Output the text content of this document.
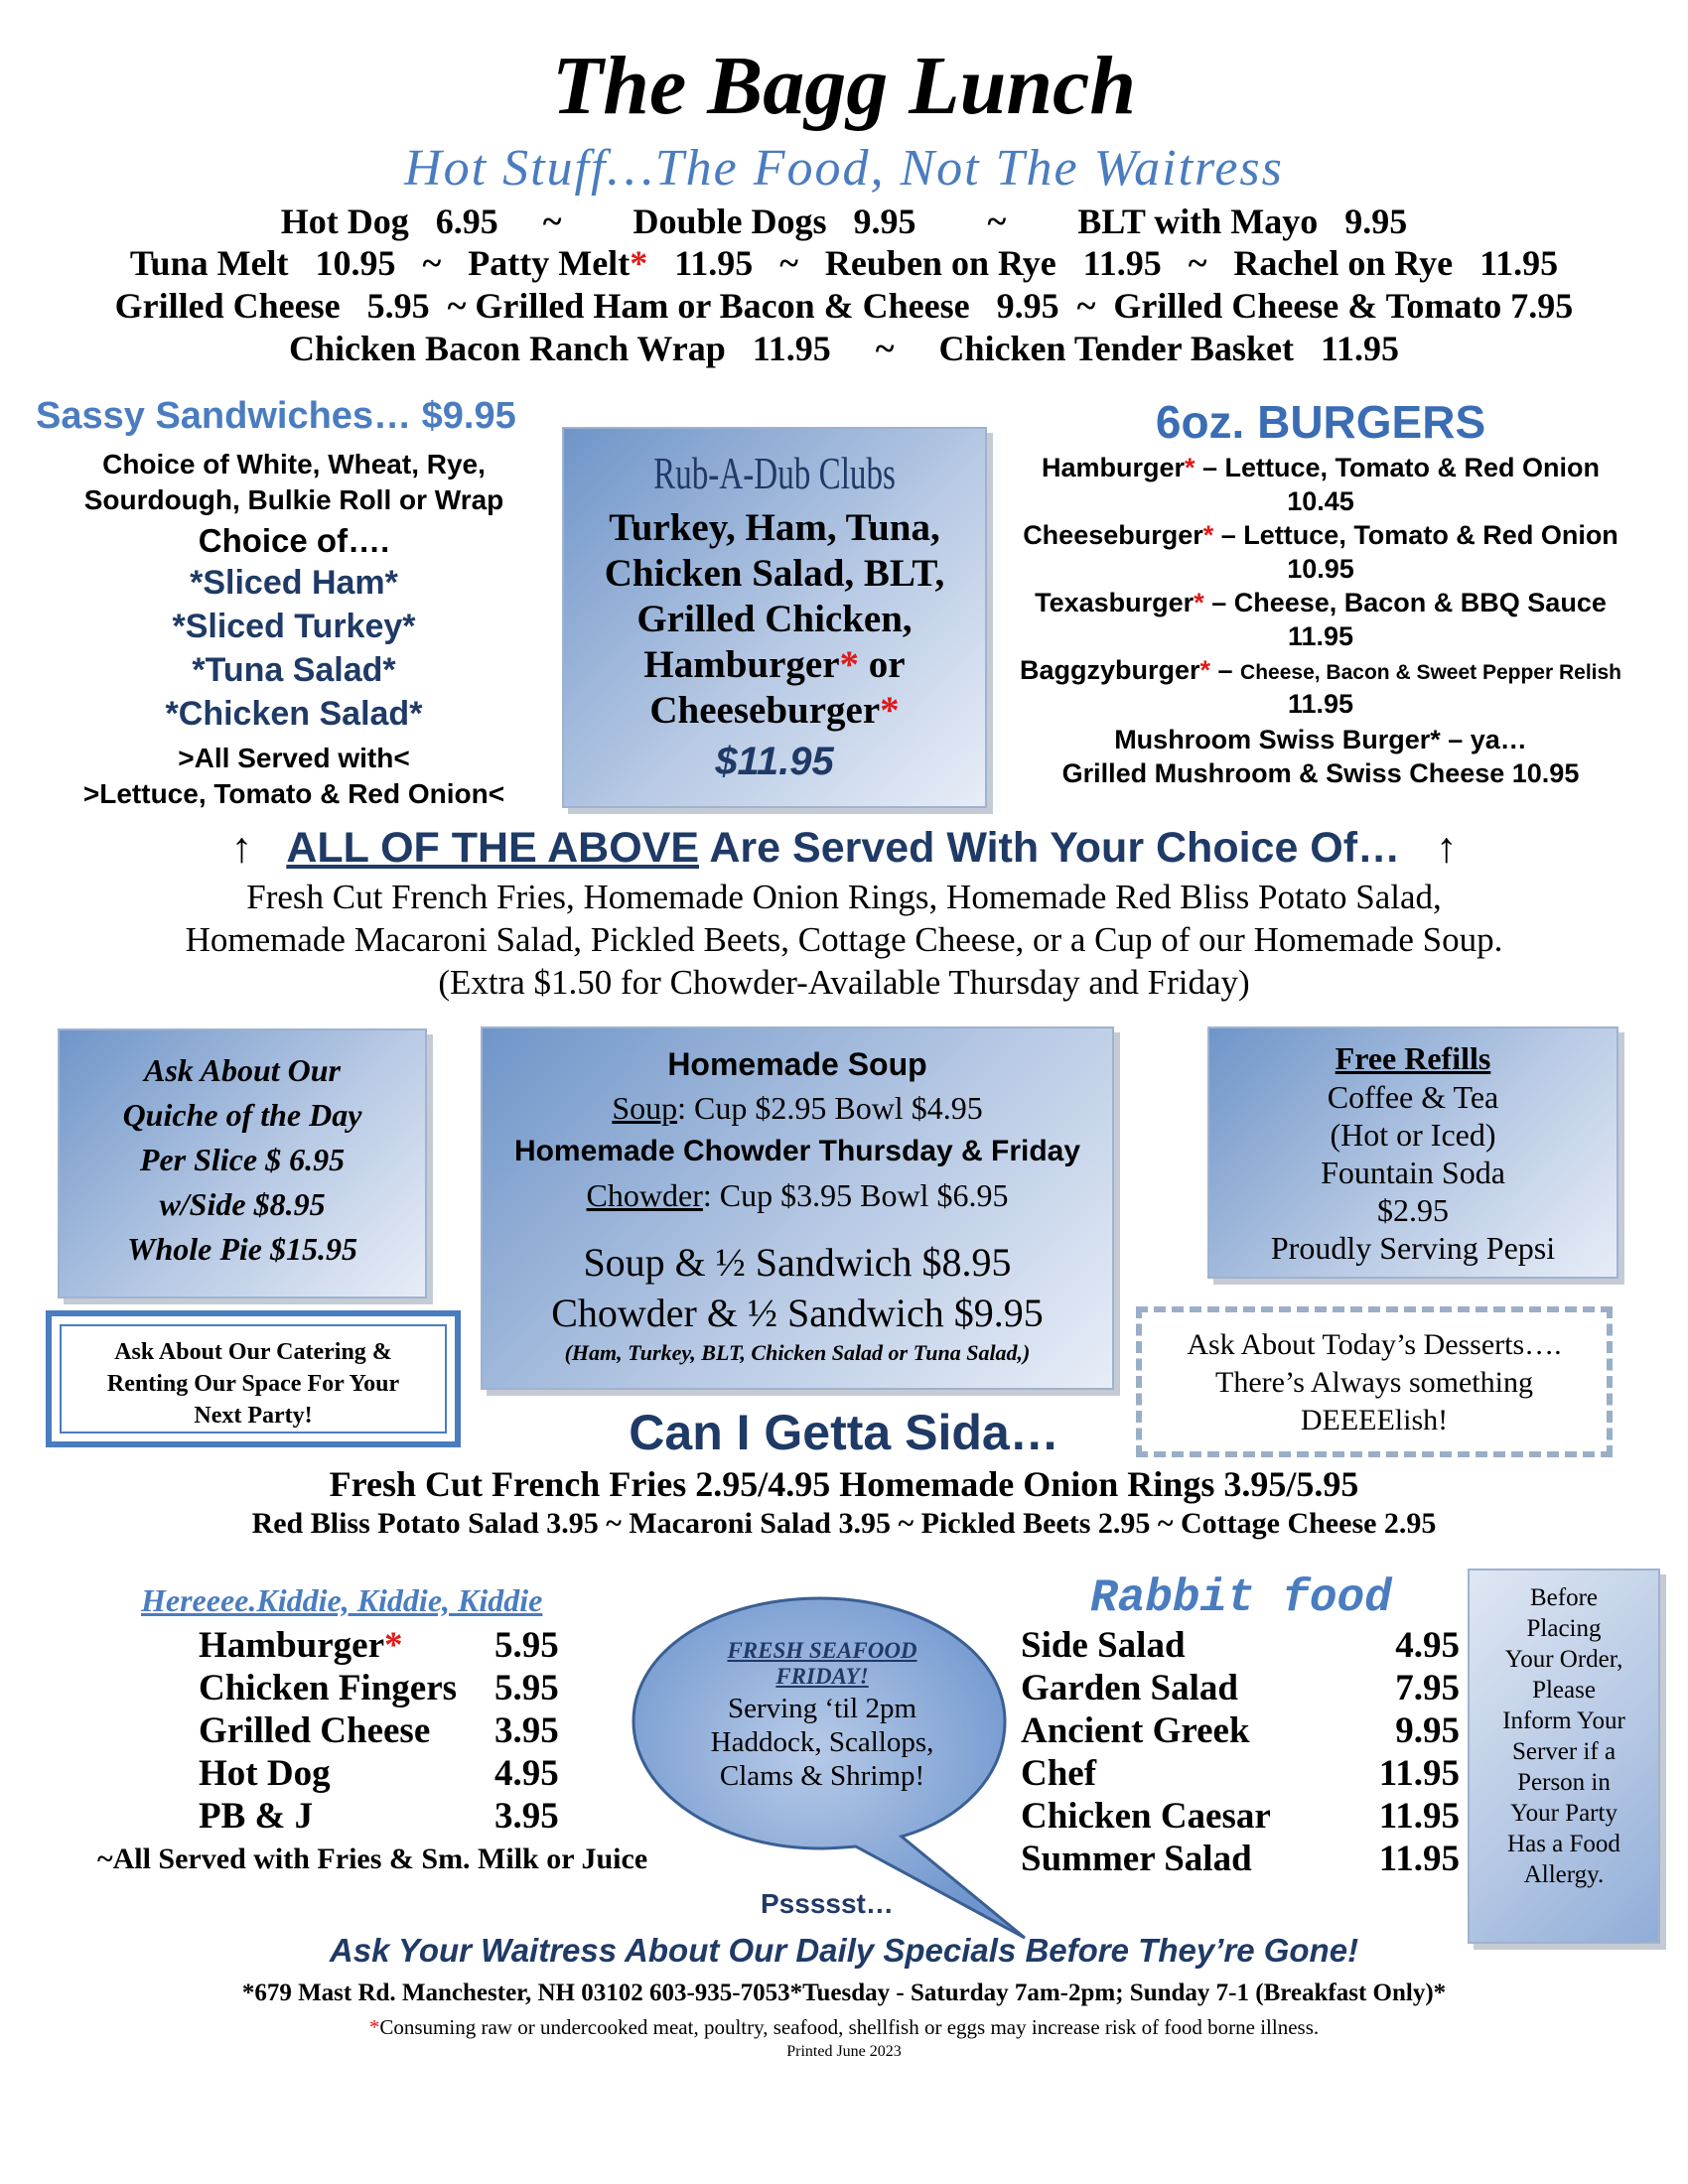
The Bagg Lunch
Hot Stuff…The Food, Not The Waitress
Hot Dog   6.95     ~        Double Dogs   9.95        ~        BLT with Mayo   9.95
Tuna Melt   10.95   ~   Patty Melt*   11.95   ~   Reuben on Rye   11.95   ~   Rachel on Rye   11.95
Grilled Cheese   5.95  ~ Grilled Ham or Bacon & Cheese   9.95  ~  Grilled Cheese & Tomato 7.95
Chicken Bacon Ranch Wrap   11.95     ~     Chicken Tender Basket   11.95
Sassy Sandwiches… $9.95
Choice of White, Wheat, Rye,
Sourdough, Bulkie Roll or Wrap
Choice of….
*Sliced Ham*
*Sliced Turkey*
*Tuna Salad*
*Chicken Salad*
>All Served with<
>Lettuce, Tomato & Red Onion<
Rub-A-Dub Clubs
Turkey, Ham, Tuna,
Chicken Salad, BLT,
Grilled Chicken,
Hamburger* or
Cheeseburger*
$11.95
6oz. BURGERS
Hamburger* – Lettuce, Tomato & Red Onion
10.45
Cheeseburger* – Lettuce, Tomato & Red Onion
10.95
Texasburger* – Cheese, Bacon & BBQ Sauce
11.95
Baggzyburger* – Cheese, Bacon & Sweet Pepper Relish
11.95
Mushroom Swiss Burger* – ya…
Grilled Mushroom & Swiss Cheese 10.95
↑ ALL OF THE ABOVE Are Served With Your Choice Of… ↑
Fresh Cut French Fries, Homemade Onion Rings, Homemade Red Bliss Potato Salad,
Homemade Macaroni Salad, Pickled Beets, Cottage Cheese, or a Cup of our Homemade Soup.
(Extra $1.50 for Chowder-Available Thursday and Friday)
Ask About Our
Quiche of the Day
Per Slice $ 6.95
w/Side $8.95
Whole Pie $15.95
Homemade Soup
Soup: Cup $2.95 Bowl $4.95
Homemade Chowder Thursday & Friday
Chowder: Cup $3.95 Bowl $6.95
Soup & ½ Sandwich $8.95
Chowder & ½ Sandwich $9.95
(Ham, Turkey, BLT, Chicken Salad or Tuna Salad,)
Free Refills
Coffee & Tea
(Hot or Iced)
Fountain Soda
$2.95
Proudly Serving Pepsi
Ask About Our Catering &
Renting Our Space For Your
Next Party!
Ask About Today’s Desserts….
There’s Always something
DEEEElish!
Can I Getta Sida…
Fresh Cut French Fries 2.95/4.95 Homemade Onion Rings 3.95/5.95
Red Bliss Potato Salad 3.95 ~ Macaroni Salad 3.95 ~ Pickled Beets 2.95 ~ Cottage Cheese 2.95
Hereeee.Kiddie, Kiddie, Kiddie
Hamburger* 5.95
Chicken Fingers 5.95
Grilled Cheese 3.95
Hot Dog	4.95
PB & J	3.95
~All Served with Fries & Sm. Milk or Juice
FRESH SEAFOOD
FRIDAY!
Serving ‘til 2pm
Haddock, Scallops,
Clams & Shrimp!
Rabbit food
Side Salad	4.95
Garden Salad	7.95
Ancient Greek	9.95
Chef	11.95
Chicken Caesar	11.95
Summer Salad	11.95
Before
Placing
Your Order,
Please
Inform Your
Server if a
Person in
Your Party
Has a Food
Allergy.
Pssssst…
Ask Your Waitress About Our Daily Specials Before They’re Gone!
*679 Mast Rd. Manchester, NH 03102 603-935-7053*Tuesday - Saturday 7am-2pm; Sunday 7-1 (Breakfast Only)*
*Consuming raw or undercooked meat, poultry, seafood, shellfish or eggs may increase risk of food borne illness.
Printed June 2023
